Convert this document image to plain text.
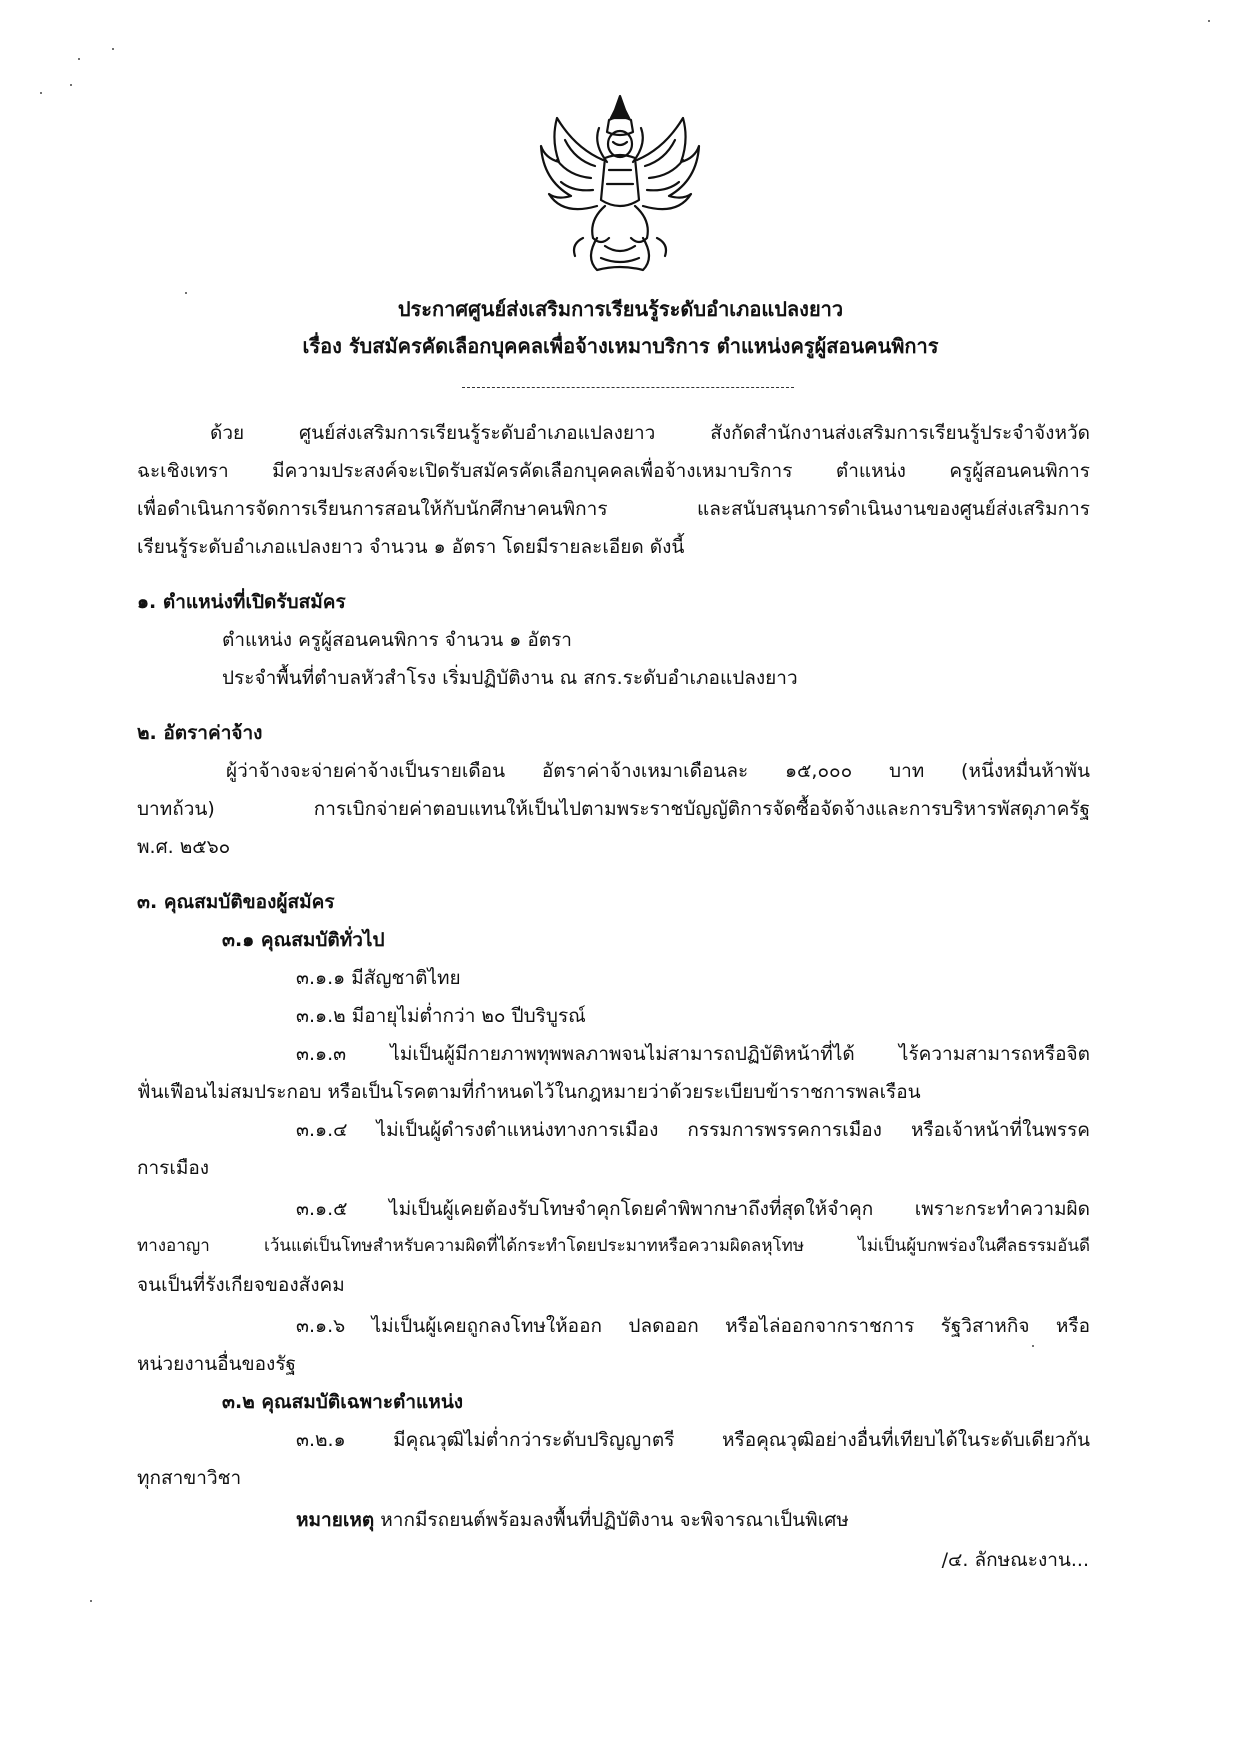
ประกาศศูนย์ส่งเสริมการเรียนรู้ระดับอำเภอแปลงยาว
เรื่อง รับสมัครคัดเลือกบุคคลเพื่อจ้างเหมาบริการ ตำแหน่งครูผู้สอนคนพิการ
ด้วย ศูนย์ส่งเสริมการเรียนรู้ระดับอำเภอแปลงยาว สังกัดสำนักงานส่งเสริมการเรียนรู้ประจำจังหวัด
ฉะเชิงเทรา มีความประสงค์จะเปิดรับสมัครคัดเลือกบุคคลเพื่อจ้างเหมาบริการ ตำแหน่ง ครูผู้สอนคนพิการ
เพื่อดำเนินการจัดการเรียนการสอนให้กับนักศึกษาคนพิการ และสนับสนุนการดำเนินงานของศูนย์ส่งเสริมการ
เรียนรู้ระดับอำเภอแปลงยาว จำนวน ๑ อัตรา โดยมีรายละเอียด ดังนี้
๑. ตำแหน่งที่เปิดรับสมัคร
ตำแหน่ง ครูผู้สอนคนพิการ จำนวน ๑ อัตรา
ประจำพื้นที่ตำบลหัวสำโรง เริ่มปฏิบัติงาน ณ สกร.ระดับอำเภอแปลงยาว
๒. อัตราค่าจ้าง
ผู้ว่าจ้างจะจ่ายค่าจ้างเป็นรายเดือน อัตราค่าจ้างเหมาเดือนละ ๑๕,๐๐๐ บาท (หนึ่งหมื่นห้าพัน
บาทถ้วน) การเบิกจ่ายค่าตอบแทนให้เป็นไปตามพระราชบัญญัติการจัดซื้อจัดจ้างและการบริหารพัสดุภาครัฐ
พ.ศ. ๒๕๖๐
๓. คุณสมบัติของผู้สมัคร
๓.๑ คุณสมบัติทั่วไป
๓.๑.๑ มีสัญชาติไทย
๓.๑.๒ มีอายุไม่ต่ำกว่า ๒๐ ปีบริบูรณ์
๓.๑.๓ ไม่เป็นผู้มีกายภาพทุพพลภาพจนไม่สามารถปฏิบัติหน้าที่ได้ ไร้ความสามารถหรือจิต
ฟั่นเฟือนไม่สมประกอบ หรือเป็นโรคตามที่กำหนดไว้ในกฎหมายว่าด้วยระเบียบข้าราชการพลเรือน
๓.๑.๔ ไม่เป็นผู้ดำรงตำแหน่งทางการเมือง กรรมการพรรคการเมือง หรือเจ้าหน้าที่ในพรรค
การเมือง
๓.๑.๕ ไม่เป็นผู้เคยต้องรับโทษจำคุกโดยคำพิพากษาถึงที่สุดให้จำคุก เพราะกระทำความผิด
ทางอาญา เว้นแต่เป็นโทษสำหรับความผิดที่ได้กระทำโดยประมาทหรือความผิดลหุโทษ ไม่เป็นผู้บกพร่องในศีลธรรมอันดี
จนเป็นที่รังเกียจของสังคม
๓.๑.๖ ไม่เป็นผู้เคยถูกลงโทษให้ออก ปลดออก หรือไล่ออกจากราชการ รัฐวิสาหกิจ หรือ
หน่วยงานอื่นของรัฐ
๓.๒ คุณสมบัติเฉพาะตำแหน่ง
๓.๒.๑ มีคุณวุฒิไม่ต่ำกว่าระดับปริญญาตรี หรือคุณวุฒิอย่างอื่นที่เทียบได้ในระดับเดียวกัน
ทุกสาขาวิชา
หมายเหตุ หากมีรถยนต์พร้อมลงพื้นที่ปฏิบัติงาน จะพิจารณาเป็นพิเศษ
/๔. ลักษณะงาน...
